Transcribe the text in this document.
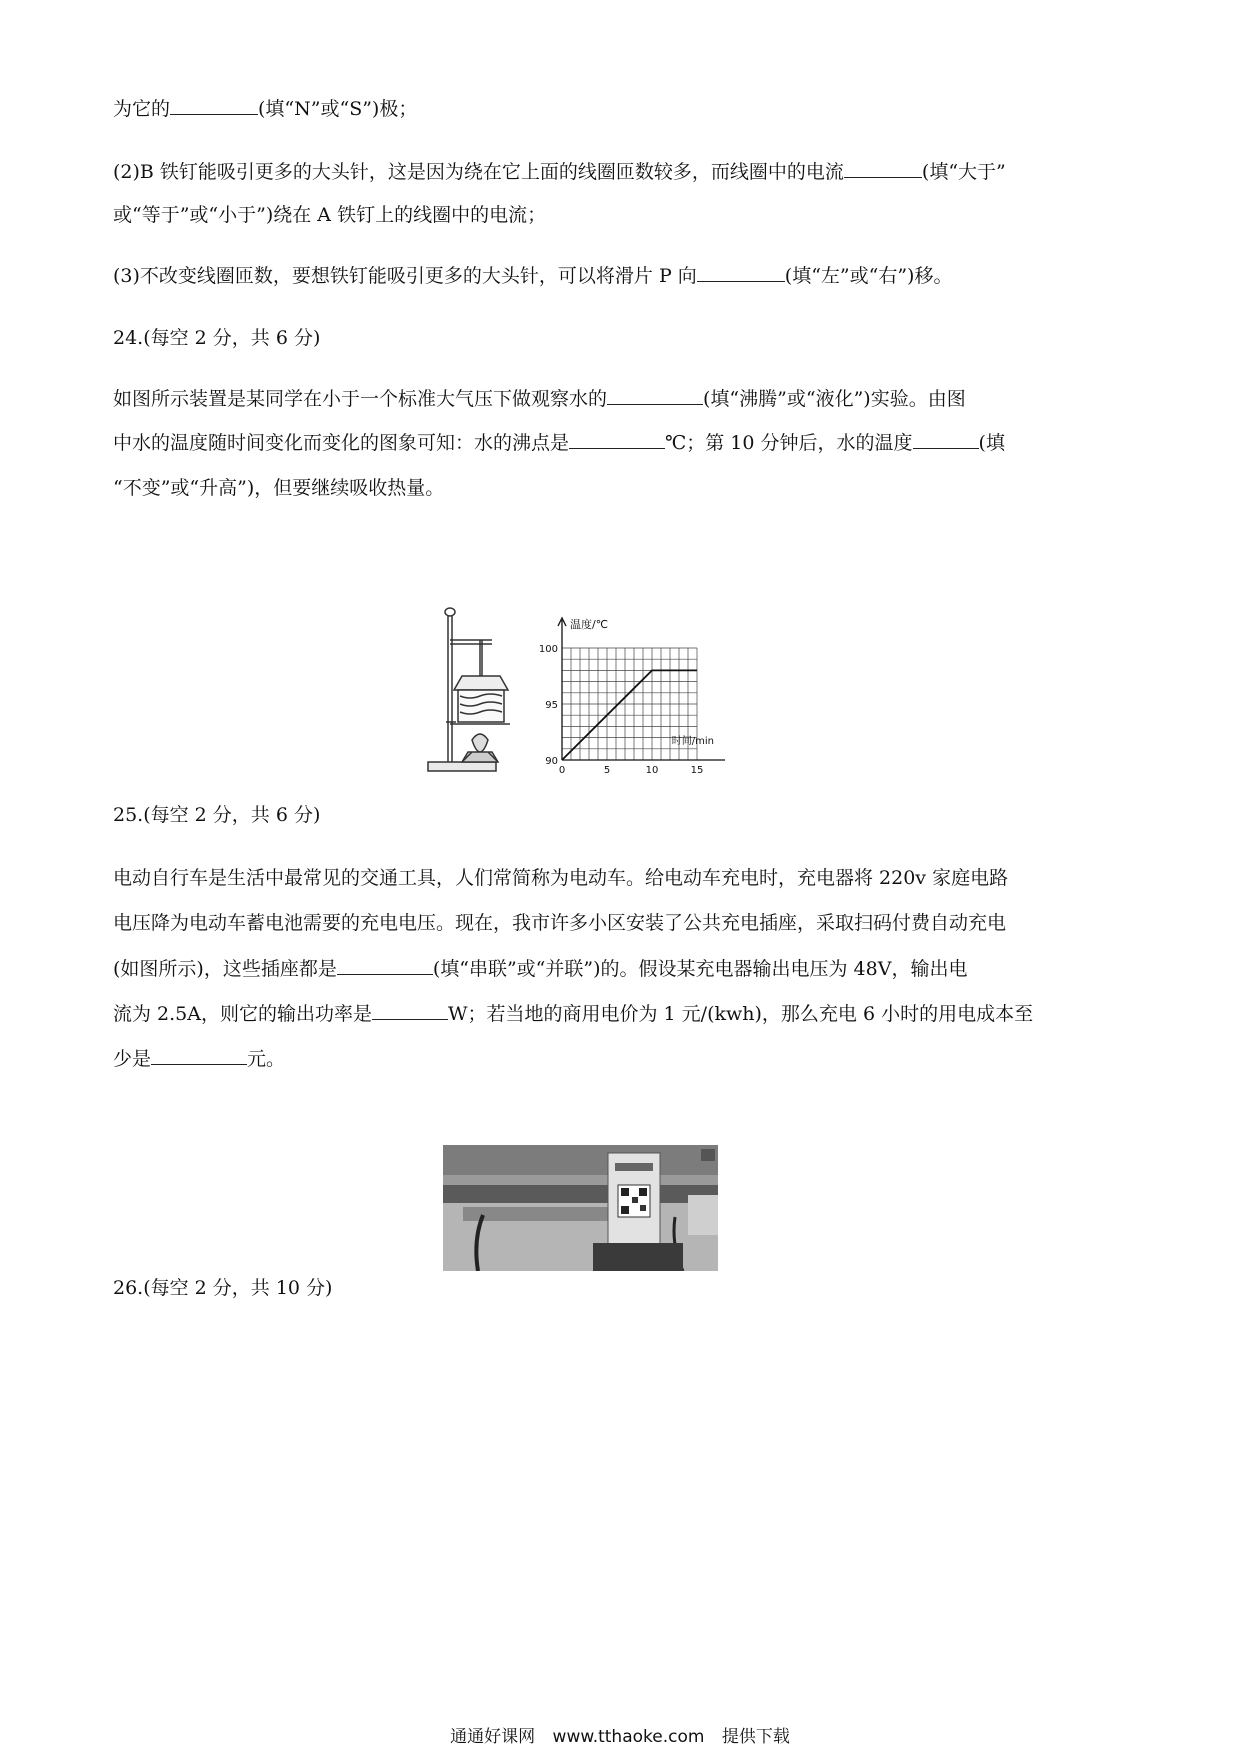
为它的	(填“N”或“S”)极；
(2)B 铁钉能吸引更多的大头针，这是因为绕在它上面的线圈匝数较多，而线圈中的电流	(填“大于”
或“等于”或“小于”)绕在 A 铁钉上的线圈中的电流；
(3)不改变线圈匝数，要想铁钉能吸引更多的大头针，可以将滑片 P 向	(填“左”或“右”)移。
24.(每空 2 分，共 6 分)
如图所示装置是某同学在小于一个标准大气压下做观察水的	(填“沸腾”或“液化”)实验。由图
中水的温度随时间变化而变化的图象可知：水的沸点是	℃；第 10 分钟后，水的温度	(填
“不变”或“升高”)，但要继续吸收热量。
温度/℃
时间/min
0	5	10	15
90
95
100
25.(每空 2 分，共 6 分)
电动自行车是生活中最常见的交通工具，人们常简称为电动车。给电动车充电时，充电器将 220v 家庭电路
电压降为电动车蓄电池需要的充电电压。现在，我市许多小区安装了公共充电插座，采取扫码付费自动充电
(如图所示)，这些插座都是	(填“串联”或“并联”)的。假设某充电器输出电压为 48V，输出电
流为 2.5A，则它的输出功率是	W；若当地的商用电价为 1 元/(kwh)，那么充电 6 小时的用电成本至
少是	元。
26.(每空 2 分，共 10 分)
通通好课网 www.tthaoke.com 提供下载
